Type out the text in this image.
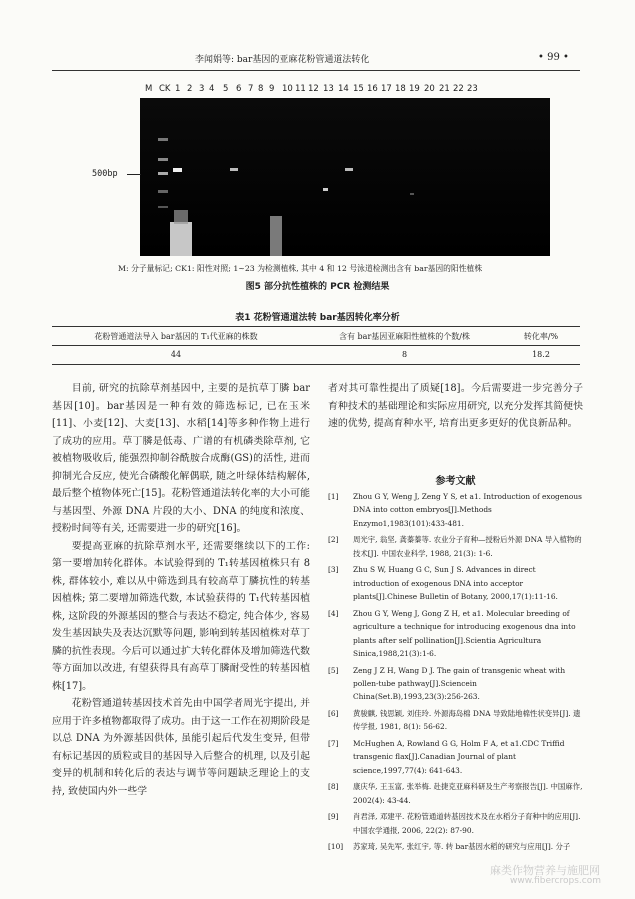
李闻娟等: bar基因的亚麻花粉管通道法转化	• 99 •
M CK 1 2 3 4 5 6 7 8 9 10 11 12 13 14 15 16 17 18 19 20 21 22 23
500bp
M: 分子量标记; CK1: 阳性对照; 1~23 为检测植株, 其中 4 和 12 号泳道检测出含有 bar基因的阳性植株
图5 部分抗性植株的 PCR 检测结果
表1 花粉管通道法转 bar基因转化率分析
花粉管通道法导入 bar基因的 T₁代亚麻的株数	含有 bar基因亚麻阳性植株的个数/株	转化率/%
44	8	18.2

目前, 研究的抗除草剂基因中, 主要的是抗草丁膦 bar基因[10]。bar基因是一种有效的筛选标记, 已在玉米[11]、小麦[12]、大麦[13]、水稻[14]等多种作物上进行了成功的应用。草丁膦是低毒、广谱的有机磷类除草剂, 它被植物吸收后, 能强烈抑制谷酰胺合成酶(GS)的活性, 进而抑制光合反应, 使光合磷酸化解偶联, 随之叶绿体结构解体, 最后整个植物体死亡[15]。花粉管通道法转化率的大小可能与基因型、外源 DNA 片段的大小、DNA 的纯度和浓度、授粉时间等有关, 还需要进一步的研究[16]。

要提高亚麻的抗除草剂水平, 还需要继续以下的工作: 第一要增加转化群体。本试验得到的 T₁转基因植株只有 8 株, 群体较小, 难以从中筛选到具有较高草丁膦抗性的转基因植株; 第二要增加筛选代数, 本试验获得的 T₁代转基因植株, 这阶段的外源基因的整合与表达不稳定, 纯合体少, 容易发生基因缺失及表达沉默等问题, 影响到转基因植株对草丁膦的抗性表现。今后可以通过扩大转化群体及增加筛选代数等方面加以改进, 有望获得具有高草丁膦耐受性的转基因植株[17]。

花粉管通道转基因技术首先由中国学者周光宇提出, 并应用于许多植物都取得了成功。由于这一工作在初期阶段是以总 DNA 为外源基因供体, 虽能引起后代发生变异, 但带有标记基因的质粒或目的基因导入后整合的机理, 以及引起变异的机制和转化后的表达与调节等问题缺乏理论上的支持, 致使国内外一些学

者对其可靠性提出了质疑[18]。今后需要进一步完善分子育种技术的基础理论和实际应用研究, 以充分发挥其简便快速的优势, 提高育种水平, 培育出更多更好的优良新品种。

参考文献
[1] Zhou G Y, Weng J, Zeng Y S, et a1. Introduction of exogenous DNA into cotton embryos[J].Methods Enzymo1,1983(101):433-481.
[2] 周光宇, 翁坚, 龚蓁蓁等. 农业分子育种—授粉后外源 DNA 导入植物的技术[J]. 中国农业科学, 1988, 21(3): 1-6.
[3] Zhu S W, Huang G C, Sun J S. Advances in direct introduction of exogenous DNA into acceptor plants[J].Chinese Bulletin of Botany, 2000,17(1):11-16.
[4] Zhou G Y, Weng J, Gong Z H, et a1. Molecular breeding of agriculture a technique for introducing exogenous dna into plants after self pollination[J].Scientia Agricultura Sinica,1988,21(3):1-6.
[5] Zeng J Z H, Wang D J. The gain of transgenic wheat with pollen-tube pathway[J].Sciencein China(Set.B),1993,23(3):256-263.
[6] 黄骏麒, 钱思颖, 刘佳玲. 外源海岛棉 DNA 导致陆地棉性状变异[J]. 遗传学报, 1981, 8(1): 56-62.
[7] McHughen A, Rowland G G, Holm F A, et a1.CDC Triffid transgenic flax[J].Canadian Journal of plant science,1997,77(4): 641-643.
[8] 康庆华, 王玉富, 张举梅. 赴捷克亚麻科研及生产考察报告[J]. 中国麻作, 2002(4): 43-44.
[9] 肖君泽, 邓建平. 花粉管通道转基因技术及在水稻分子育种中的应用[J]. 中国农学通报, 2006, 22(2): 87-90.
[10] 苏家琦, 吴先军, 张红宇, 等. 转 bar基因水稻的研究与应用[J]. 分子
麻类作物营养与施肥网
www.fibercrops.com
